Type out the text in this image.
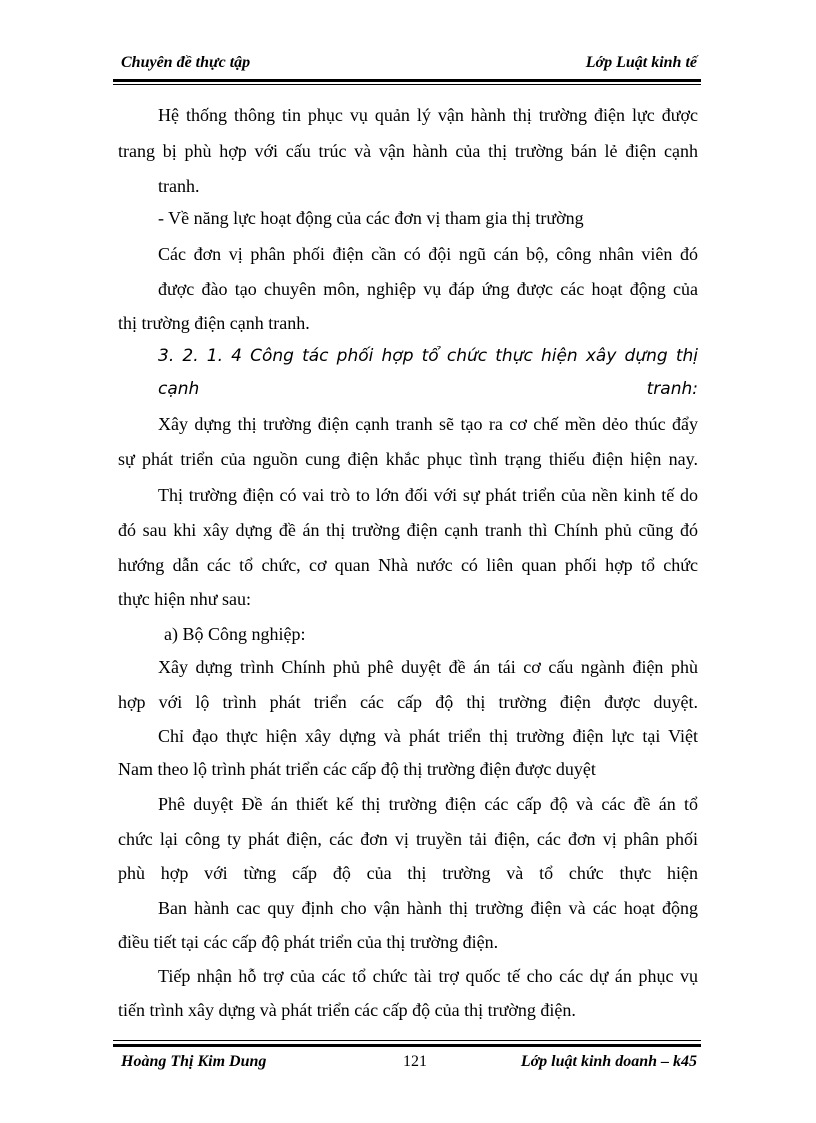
Chuyên đề thực tập	Lớp Luật kinh tế
Hệ thống thông tin phục vụ quản lý vận hành thị trường điện lực được
trang bị phù hợp với cấu trúc và vận hành của thị trường bán lẻ điện cạnh
tranh.
- Về năng lực hoạt động của các đơn vị tham gia thị trường
Các đơn vị phân phối điện cần có đội ngũ cán bộ, công nhân viên đó
được đào tạo chuyên môn, nghiệp vụ đáp ứng được các hoạt động của
thị trường điện cạnh tranh.
3. 2. 1. 4 Công tác phối hợp tổ chức thực hiện xây dựng thị
cạnh	tranh:
Xây dựng thị trường điện cạnh tranh sẽ tạo ra cơ chế mền dẻo thúc đẩy
sự phát triển của nguồn cung điện khắc phục tình trạng thiếu điện hiện nay.
Thị trường điện có vai trò to lớn đối với sự phát triển của nền kinh tế do
đó sau khi xây dựng đề án thị trường điện cạnh tranh thì Chính phủ cũng đó
hướng dẫn các tổ chức, cơ quan Nhà nước có liên quan phối hợp tổ chức
thực hiện như sau:
a) Bộ Công nghiệp:
Xây dựng trình Chính phủ phê duyệt đề án tái cơ cấu ngành điện phù
hợp với lộ trình phát triển các cấp độ thị trường điện được duyệt.
Chỉ đạo thực hiện xây dựng và phát triển thị trường điện lực tại Việt
Nam theo lộ trình phát triển các cấp độ thị trường điện được duyệt
Phê duyệt Đề án thiết kế thị trường điện các cấp độ và các đề án tổ
chức lại công ty phát điện, các đơn vị truyền tải điện, các đơn vị phân phối
phù hợp với từng cấp độ của thị trường và tổ chức thực hiện
Ban hành cac quy định cho vận hành thị trường điện và các hoạt động
điều tiết tại các cấp độ phát triển của thị trường điện.
Tiếp nhận hỗ trợ của các tổ chức tài trợ quốc tế cho các dự án phục vụ
tiến trình xây dựng và phát triển các cấp độ của thị trường điện.
Hoàng Thị Kim Dung	121	Lớp luật kinh doanh – k45
